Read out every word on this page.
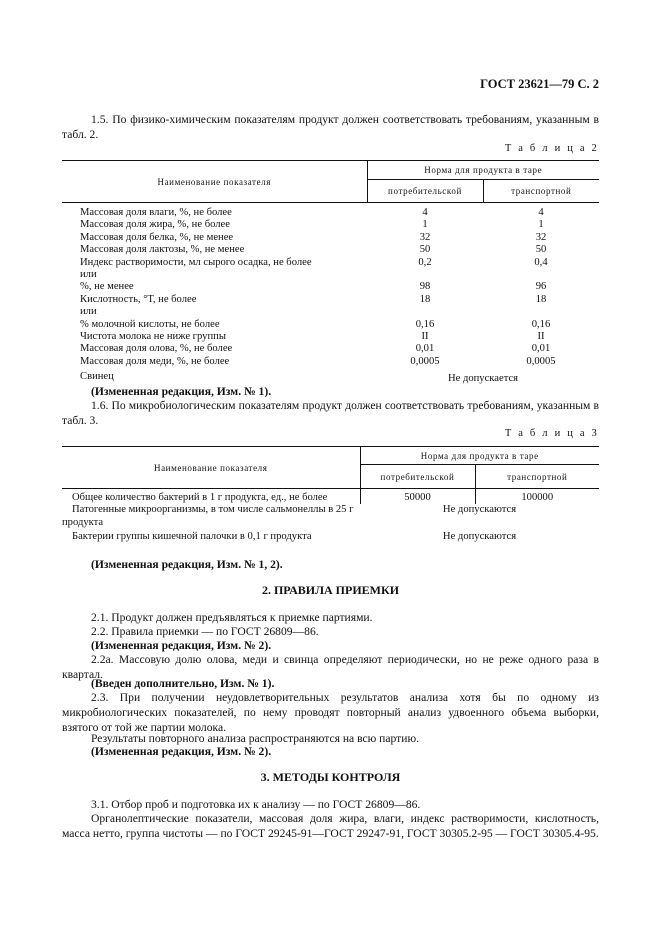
ГОСТ 23621—79 С. 2
1.5. По физико-химическим показателям продукт должен соответствовать требованиям, указанным в табл. 2.
Т а б л и ц а 2
Наименование показателя	Норма для продукта в таре	
	потребительской	транспортной

Массовая доля влаги, %, не более	4	4
Массовая доля жира, %, не более	1	1
Массовая доля белка, %, не менее	32	32
Массовая доля лактозы, %, не менее	50	50
Индекс растворимости, мл сырого осадка, не более	0,2	0,4
или		
%, не менее	98	96
Кислотность, °Т, не более	18	18
или		
% молочной кислоты, не более	0,16	0,16
Чистота молока не ниже группы	II	II
Массовая доля олова, %, не более	0,01	0,01
Массовая доля меди, %, не более	0,0005	0,0005
Свинец	Не допускается	
(Измененная редакция, Изм. № 1).
1.6. По микробиологическим показателям продукт должен соответствовать требованиям, указанным в табл. 3.
Т а б л и ц а 3
Наименование показателя	Норма для продукта в таре	
	потребительской	транспортной
Общее количество бактерий в 1 г продукта, ед., не более	50000	100000
Патогенные микроорганизмы, в том числе сальмонеллы в 25 г продукта	Не допускаются	
Бактерии группы кишечной палочки в 0,1 г продукта	Не допускаются	
(Измененная редакция, Изм. № 1, 2).
2. ПРАВИЛА ПРИЕМКИ
2.1. Продукт должен предъявляться к приемке партиями.
2.2. Правила приемки — по ГОСТ 26809—86.
(Измененная редакция, Изм. № 2).
2.2a. Массовую долю олова, меди и свинца определяют периодически, но не реже одного раза в квартал.
(Введен дополнительно, Изм. № 1).
2.3. При получении неудовлетворительных результатов анализа хотя бы по одному из микробиологических показателей, по нему проводят повторный анализ удвоенного объема выборки, взятого от той же партии молока.
Результаты повторного анализа распространяются на всю партию.
(Измененная редакция, Изм. № 2).
3. МЕТОДЫ КОНТРОЛЯ
3.1. Отбор проб и подготовка их к анализу — по ГОСТ 26809—86.
Органолептические показатели, массовая доля жира, влаги, индекс растворимости, кислотность, масса нетто, группа чистоты — по ГОСТ 29245-91—ГОСТ 29247-91, ГОСТ 30305.2-95 — ГОСТ 30305.4-95.
